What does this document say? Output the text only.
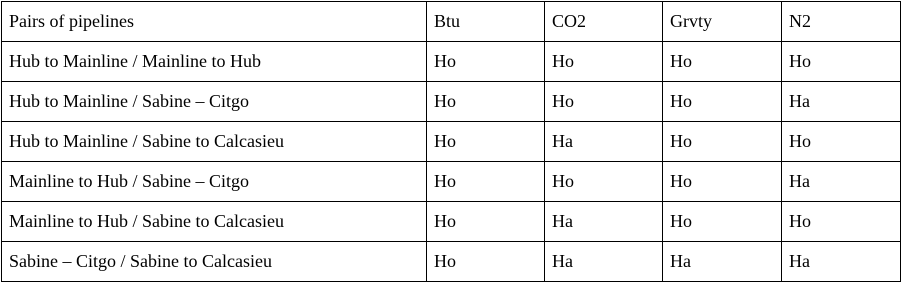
Pairs of pipelines	Btu	CO2	Grvty	N2
Hub to Mainline / Mainline to Hub	Ho	Ho	Ho	Ho
Hub to Mainline / Sabine – Citgo	Ho	Ho	Ho	Ha
Hub to Mainline / Sabine to Calcasieu	Ho	Ha	Ho	Ho
Mainline to Hub / Sabine – Citgo	Ho	Ho	Ho	Ha
Mainline to Hub / Sabine to Calcasieu	Ho	Ha	Ho	Ho
Sabine – Citgo / Sabine to Calcasieu	Ho	Ha	Ha	Ha
